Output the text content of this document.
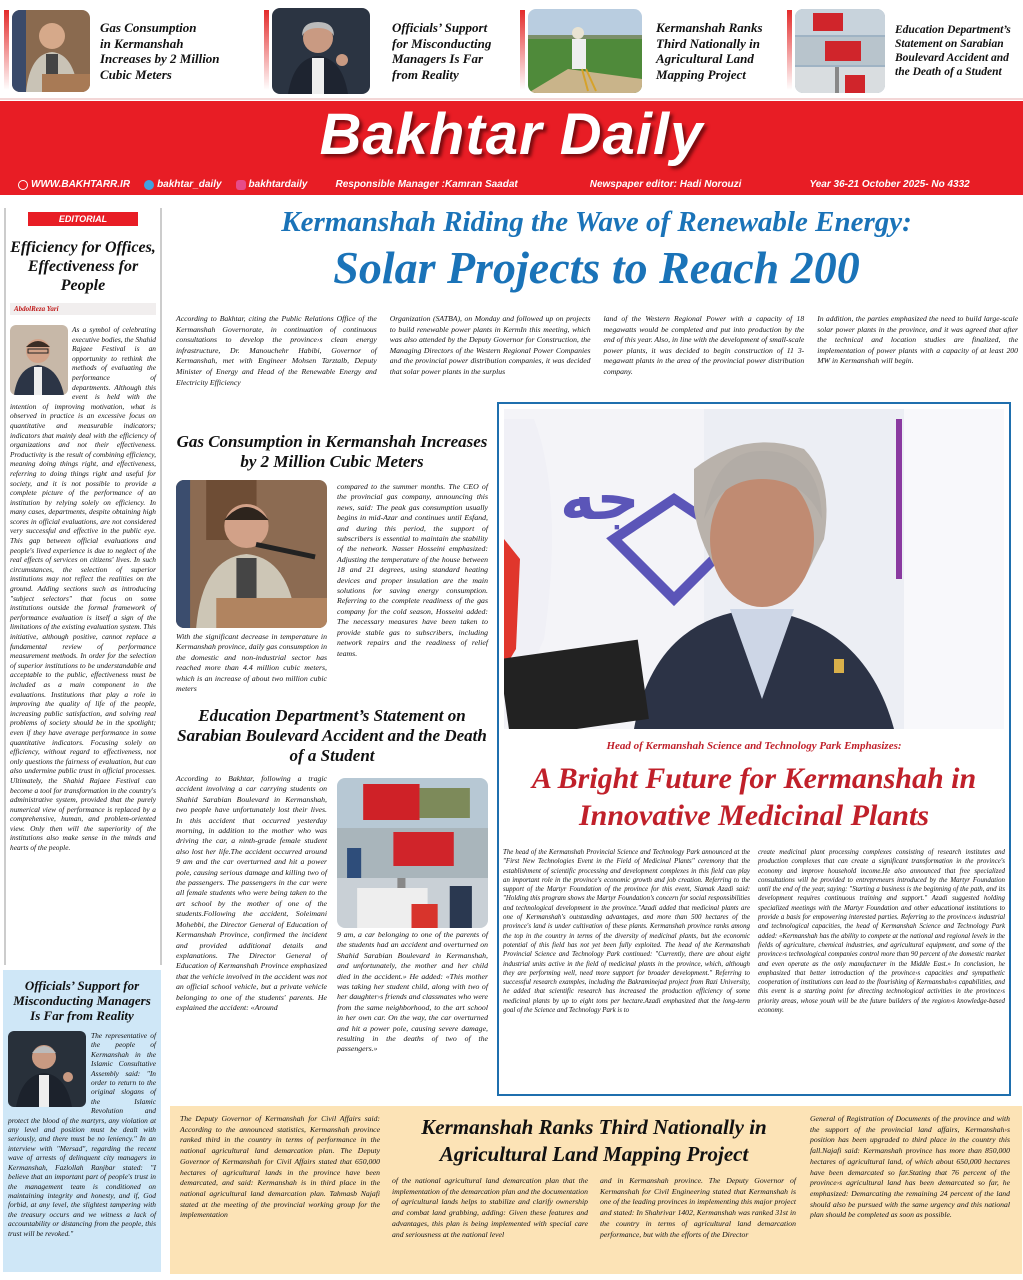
Gas Consumption
in Kermanshah
Increases by 2 Million
Cubic Meters
Officials’ Support
for Misconducting
Managers Is Far
from Reality
Kermanshah Ranks
Third Nationally in
Agricultural Land
Mapping Project
Education Department’s
Statement on Sarabian
Boulevard Accident and
the Death of a Student
Bakhtar Daily
WWW.BAKHTARR.IR	bakhtar_daily	bakhtardaily	Responsible Manager :Kamran Saadat	Newspaper editor: Hadi Norouzi	Year 36-21 October 2025- No 4332
EDITORIAL
Efficiency for Offices, Effectiveness for People
AbdolReza Yari
As a symbol of celebrating executive bodies, the Shahid Rajaee Festival is an opportunity to rethink the methods of evaluating the performance of departments. Although this event is held with the intention of improving motivation, what is observed in practice is an excessive focus on quantitative and measurable indicators; indicators that mainly deal with the efficiency of organizations and not their effectiveness. Productivity is the result of combining efficiency, meaning doing things right, and effectiveness, referring to doing things right and useful for society, and it is not possible to provide a complete picture of the performance of an institution by relying solely on efficiency. In many cases, departments, despite obtaining high scores in official evaluations, are not considered very successful and effective in the public eye. This gap between official evaluations and people's lived experience is due to neglect of the real effects of services on citizens' lives. In such circumstances, the selection of superior institutions may not reflect the realities on the ground. Adding sections such as introducing "subject selectors" that focus on some institutions outside the formal framework of performance evaluation is itself a sign of the limitations of the existing evaluation system. This initiative, although positive, cannot replace a fundamental review of performance measurement methods. In order for the selection of superior institutions to be understandable and acceptable to the public, effectiveness must be included as a main component in the evaluations. Institutions that play a role in improving the quality of life of the people, increasing public satisfaction, and solving real problems of society should be in the spotlight; even if they have average performance in some quantitative indicators. Focusing solely on efficiency, without regard to effectiveness, not only questions the fairness of evaluation, but can also undermine public trust in official processes. Ultimately, the Shahid Rajaee Festival can become a tool for transformation in the country's administrative system, provided that the purely numerical view of performance is replaced by a comprehensive, human, and problem-oriented view. Only then will the superiority of the institutions also make sense in the minds and hearts of the people.
Officials’ Support for Misconducting Managers Is Far from Reality
The representative of the people of Kermanshah in the Islamic Consultative Assembly said: "In order to return to the original slogans of the Islamic Revolution and protect the blood of the martyrs, any violation at any level and position must be dealt with seriously, and there must be no leniency." In an interview with "Mersad", regarding the recent wave of arrests of delinquent city managers in Kermanshah, Fazlollah Ranjbar stated: "I believe that an important part of people's trust in the management team is conditioned on maintaining integrity and honesty, and if, God forbid, at any level, the slightest tampering with the treasury occurs and we witness a lack of accountability or distancing from the people, this trust will be revoked."
Kermanshah Riding the Wave of Renewable Energy:
Solar Projects to Reach 200
According to Bakhtar, citing the Public Relations Office of the Kermanshah Governorate, in continuation of continuous consultations to develop the province›s clean energy infrastructure, Dr. Manouchehr Habibi, Governor of Kermanshah, met with Engineer Mohsen Tarztalb, Deputy Minister of Energy and Head of the Renewable Energy and Electricity Efficiency
Organization (SATBA), on Monday and followed up on projects to build renewable power plants in KermIn this meeting, which was also attended by the Deputy Governor for Construction, the Managing Directors of the Western Regional Power Companies and the provincial power distribution companies, it was decided that solar power plants in the surplus
land of the Western Regional Power with a capacity of 18 megawatts would be completed and put into production by the end of this year. Also, in line with the development of small-scale power plants, it was decided to begin construction of 11 3-megawatt plants in the area of the provincial power distribution company.
In addition, the parties emphasized the need to build large-scale solar power plants in the province, and it was agreed that after the technical and location studies are finalized, the implementation of power plants with a capacity of at least 200 MW in Kermanshah will begin.
Gas Consumption in Kermanshah Increases by 2 Million Cubic Meters

With the significant decrease in temperature in Kermanshah province, daily gas consumption in the domestic and non-industrial sector has reached more than 4.4 million cubic meters, which is an increase of about two million cubic meters

compared to the summer months. The CEO of the provincial gas company, announcing this news, said: The peak gas consumption usually begins in mid-Azar and continues until Esfand, and during this period, the support of subscribers is essential to maintain the stability of the network. Nasser Hosseini emphasized: Adjusting the temperature of the house between 18 and 21 degrees, using standard heating devices and proper insulation are the main solutions for saving energy consumption. Referring to the complete readiness of the gas company for the cold season, Hosseini added: The necessary measures have been taken to provide stable gas to subscribers, including network repairs and the readiness of relief teams.
Education Department’s Statement on Sarabian Boulevard Accident and the Death of a Student
According to Bakhtar, following a tragic accident involving a car carrying students on Shahid Sarabian Boulevard in Kermanshah, two people have unfortunately lost their lives. In this accident that occurred yesterday morning, in addition to the mother who was driving the car, a ninth-grade female student also lost her life.The accident occurred around 9 am and the car overturned and hit a power pole, causing serious damage and killing two of the passengers. The passengers in the car were all female students who were being taken to the art school by the mother of one of the students.Following the accident, Soleimani Mohebbi, the Director General of Education of Kermanshah Province, confirmed the incident and provided additional details and explanations. The Director General of Education of Kermanshah Province emphasized that the vehicle involved in the accident was not an official school vehicle, but a private vehicle belonging to one of the students' parents. He explained the accident: «Around

9 am, a car belonging to one of the parents of the students had an accident and overturned on Shahid Sarabian Boulevard in Kermanshah, and unfortunately, the mother and her child died in the accident.» He added: «This mother was taking her student child, along with two of her daughter›s friends and classmates who were from the same neighborhood, to the art school in her own car. On the way, the car overturned and hit a power pole, causing severe damage, resulting in the deaths of two of the passengers.»

جه
Head of Kermanshah Science and Technology Park Emphasizes:
A Bright Future for Kermanshah in Innovative Medicinal Plants
The head of the Kermanshah Provincial Science and Technology Park announced at the "First New Technologies Event in the Field of Medicinal Plants" ceremony that the establishment of scientific processing and development complexes in this field can play an important role in the province's economic growth and job creation. Referring to the support of the Martyr Foundation of the province for this event, Siamak Azadi said: "Holding this program shows the Martyr Foundation's concern for social responsibilities and technological development in the province."Azadi added that medicinal plants are one of Kermanshah's outstanding advantages, and more than 500 hectares of the province's land is under cultivation of these plants. Kermanshah province ranks among the top in the country in terms of the diversity of medicinal plants, but the economic potential of this field has not yet been fully exploited. The head of the Kermanshah Provincial Science and Technology Park continued: "Currently, there are about eight industrial units active in the field of medicinal plants in the province, which, although they are performing well, need more support for broader development." Referring to successful research examples, including the Bakraminejad project from Razi University, he added that scientific research has increased the production efficiency of some medicinal plants by up to eight tons per hectare.Azadi emphasized that the long-term goal of the Science and Technology Park is to
create medicinal plant processing complexes consisting of research institutes and production complexes that can create a significant transformation in the province's economy and improve household income.He also announced that free specialized consultations will be provided to entrepreneurs introduced by the Martyr Foundation until the end of the year, saying: "Starting a business is the beginning of the path, and its development requires continuous training and support." Azadi suggested holding specialized meetings with the Martyr Foundation and other educational institutions to provide a basis for empowering interested parties. Referring to the province›s industrial and technological capacities, the head of Kermanshah Science and Technology Park added: «Kermanshah has the ability to compete at the national and regional levels in the fields of agriculture, chemical industries, and agricultural equipment, and some of the province›s technological companies control more than 90 percent of the domestic market and even operate as the only manufacturer in the Middle East.» In conclusion, he emphasized that better introduction of the province›s capacities and sympathetic cooperation of institutions can lead to the flourishing of Kermanshah›s capabilities, and this event is a starting point for directing technological activities in the province›s priority areas, whose youth will be the future builders of the region›s knowledge-based economy.
The Deputy Governor of Kermanshah for Civil Affairs said: According to the announced statistics, Kermanshah province ranked third in the country in terms of performance in the national agricultural land demarcation plan. The Deputy Governor of Kermanshah for Civil Affairs stated that 650,000 hectares of agricultural lands in the province have been demarcated, and said: Kermanshah is in third place in the national agricultural land demarcation plan. Tahmasb Najafi stated at the meeting of the provincial working group for the implementation
Kermanshah Ranks Third Nationally in Agricultural Land Mapping Project
of the national agricultural land demarcation plan that the implementation of the demarcation plan and the documentation of agricultural lands helps to stabilize and clarify ownership and combat land grabbing, adding: Given these features and advantages, this plan is being implemented with special care and seriousness at the national level
and in Kermanshah province. The Deputy Governor of Kermanshah for Civil Engineering stated that Kermanshah is one of the leading provinces in implementing this major project and stated: In Shahrivar 1402, Kermanshah was ranked 31st in the country in terms of agricultural land demarcation performance, but with the efforts of the Director
General of Registration of Documents of the province and with the support of the provincial land affairs, Kermanshah›s position has been upgraded to third place in the country this fall.Najafi said: Kermanshah province has more than 850,000 hectares of agricultural land, of which about 650,000 hectares have been demarcated so far.Stating that 76 percent of the province›s agricultural land has been demarcated so far, he emphasized: Demarcating the remaining 24 percent of the land should also be pursued with the same urgency and this national plan should be completed as soon as possible.
